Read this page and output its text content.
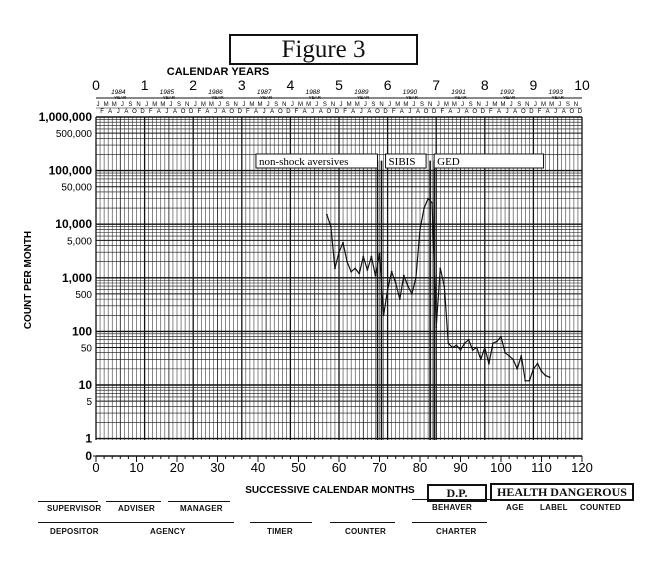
Figure 3
0 10 20 30 40 50 60 70 80 90 100 110 120
1,000,000
500,000
100,000
50,000
10,000
5,000
1,000
500
100
50
10
5
1
0
SUCCESSIVE CALENDAR MONTHS
COUNT PER MONTH
CALENDAR YEARS
0	1	2	3	4	5	6	7	8	9	10
1984
YEAR
1985
YEAR
1986
YEAR
1987
YEAR
1988
YEAR
1989
YEAR
1990
YEAR
1991
YEAR
1992
YEAR
1993
YEAR
J
F
M
A
M
J
J
A
S
O
N
D
J
F
M
A
M
J
J
A
S
O
N
D
J
F
M
A
M
J
J
A
S
O
N
D
J
F
M
A
M
J
J
A
S
O
N
D
J
F
M
A
M
J
J
A
S
O
N
D
J
F
M
A
M
J
J
A
S
O
N
D
J
F
M
A
M
J
J
A
S
O
N
D
J
F
M
A
M
J
J
A
S
O
N
D
J
F
M
A
M
J
J
A
S
O
N
D
J
F
M
A
M
J
J
A
S
O
N
D
non-shock aversives	SIBIS GED
SUPERVISOR ADVISER	MANAGER
DEPOSITOR	AGENCY	TIMER	COUNTER	CHARTER
D.P.	HEALTH DANGEROUS
BEHAVER	AGE LABEL COUNTED
